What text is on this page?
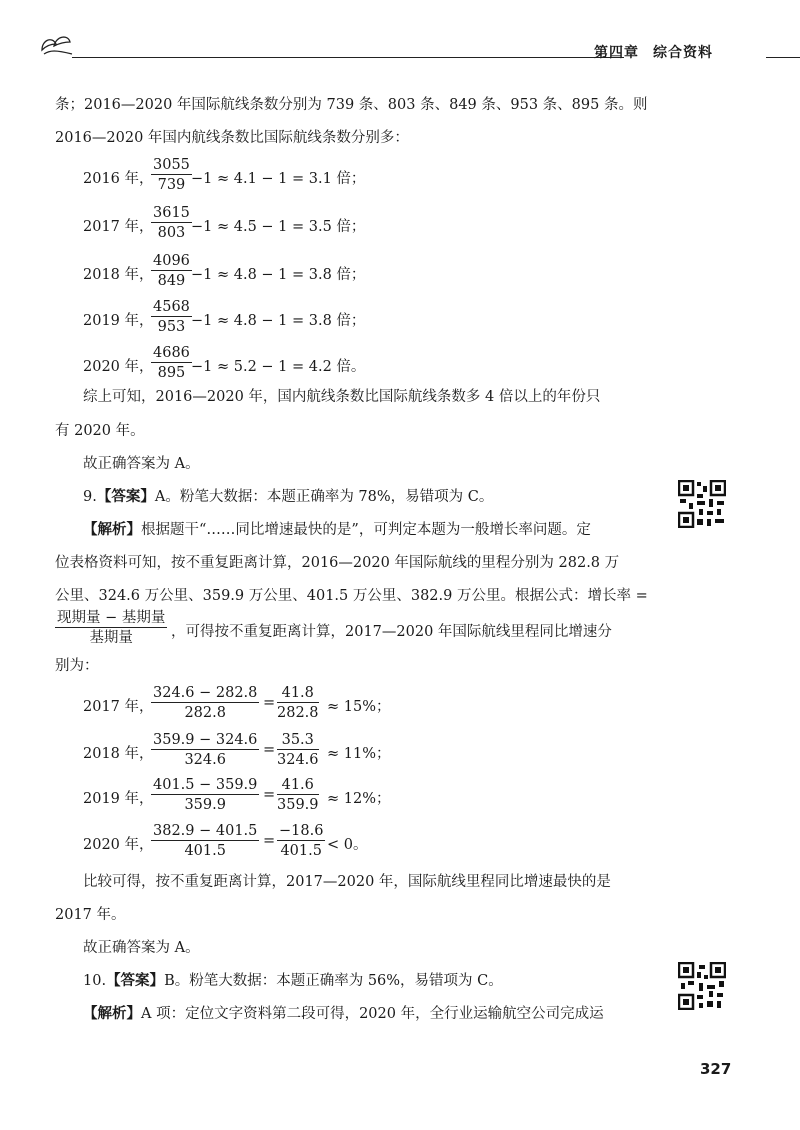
第四章 综合资料
条；2016—2020 年国际航线条数分别为 739 条、803 条、849 条、953 条、895 条。则
2016—2020 年国内航线条数比国际航线条数分别多：
2016 年，
$\frac{3055}{739} -1 \approx 4.1 - 1 = 3.1$ 倍；
2017 年，
$\frac{3615}{803} -1 \approx 4.5 - 1 = 3.5$ 倍；
2018 年，
$\frac{4096}{849} -1 \approx 4.8 - 1 = 3.8$ 倍；
2019 年，
$\frac{4568}{953} -1 \approx 4.8 - 1 = 3.8$ 倍；
2020 年，
$\frac{4686}{895} -1 \approx 5.2 - 1 = 4.2$ 倍。
综上可知，2016—2020 年，国内航线条数比国际航线条数多 4 倍以上的年份只
有 2020 年。
故正确答案为 A。
9.【答案】A。粉笔大数据：本题正确率为 78%，易错项为 C。
【解析】根据题干“……同比增速最快的是”，可判定本题为一般增长率问题。定
位表格资料可知，按不重复距离计算，2016—2020 年国际航线的里程分别为 282.8 万
公里、324.6 万公里、359.9 万公里、401.5 万公里、382.9 万公里。根据公式：增长率 =
现期量 − 基期量
基期量	，可得按不重复距离计算，2017—2020 年国际航线里程同比增速分
别为：
2017 年，
$\frac{324.6 - 282.8}{282.8} = \frac{41.8}{282.8} \approx 15\%$；
2018 年，
$\frac{359.9 - 324.6}{324.6} = \frac{35.3}{324.6} \approx 11\%$；
2019 年，
$\frac{401.5 - 359.9}{359.9} = \frac{41.6}{359.9} \approx 12\%$；
2020 年，
$\frac{382.9 - 401.5}{401.5} = \frac{-18.6}{401.5} < 0$。
比较可得，按不重复距离计算，2017—2020 年，国际航线里程同比增速最快的是
2017 年。
故正确答案为 A。
10.【答案】B。粉笔大数据：本题正确率为 56%，易错项为 C。
【解析】A 项：定位文字资料第二段可得，2020 年，全行业运输航空公司完成运
327
